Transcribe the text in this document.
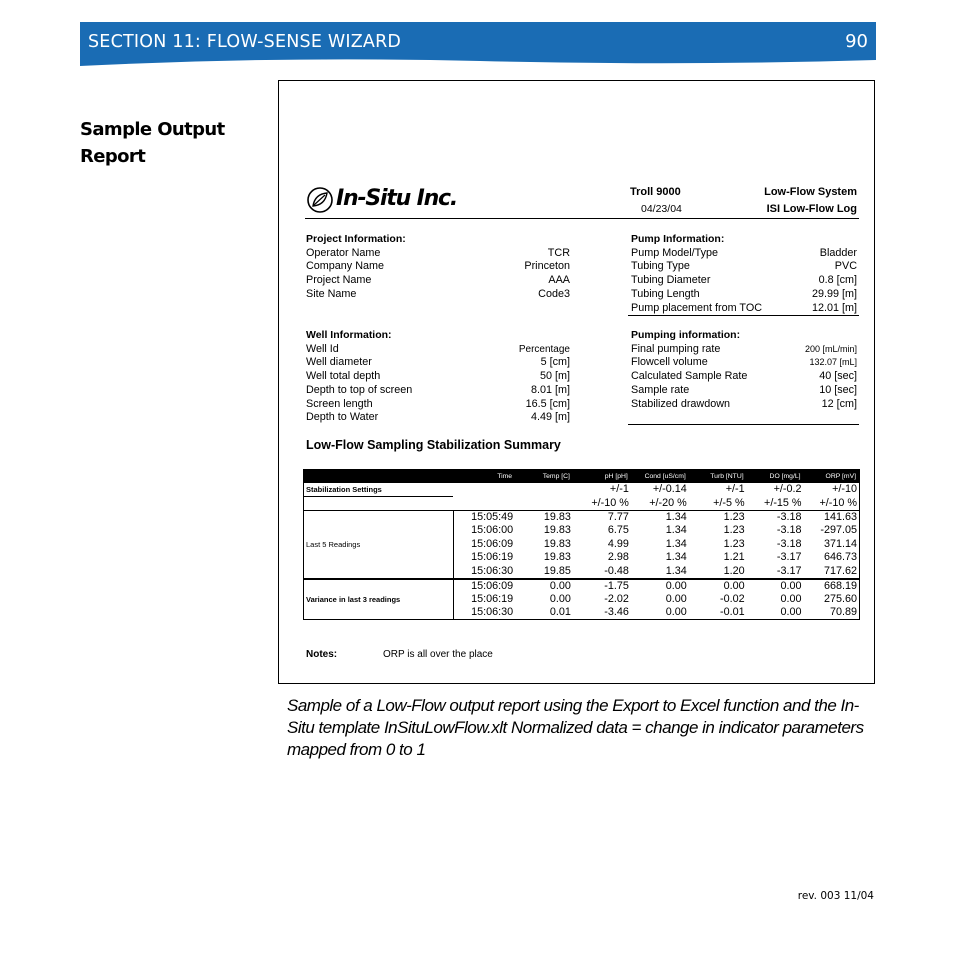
SECTION 11: FLOW-SENSE WIZARD	90
Sample Output
Report
In-Situ Inc.	Troll 9000
04/23/04
Low-Flow System
ISI Low-Flow Log
Project Information:
Operator Name	TCR
Company Name	Princeton
Project Name	AAA
Site Name	Code3
Pump Information:
Pump Model/Type	Bladder
Tubing Type	PVC
Tubing Diameter	0.8 [cm]
Tubing Length	29.99 [m]
Pump placement from TOC	12.01 [m]
Well Information:
Well Id	Percentage
Well diameter	5 [cm]
Well total depth	50 [m]
Depth to top of screen	8.01 [m]
Screen length	16.5 [cm]
Depth to Water	4.49 [m]
Pumping information:
Final pumping rate	200 [mL/min]
Flowcell volume	132.07 [mL]
Calculated Sample Rate	40 [sec]
Sample rate	10 [sec]
Stabilized drawdown	12 [cm]
Low-Flow Sampling Stabilization Summary
	Time	Temp [C]	pH [pH]	Cond [uS/cm]	Turb [NTU]	DO [mg/L]	ORP [mV]
Stabilization Settings			+/-1	+/-0.14	+/-1	+/-0.2	+/-10
			+/-10 %	+/-20 %	+/-5 %	+/-15 %	+/-10 %
Last 5 Readings	15:05:49	19.83	7.77	1.34	1.23	-3.18	141.63
	15:06:00	19.83	6.75	1.34	1.23	-3.18	-297.05
	15:06:09	19.83	4.99	1.34	1.23	-3.18	371.14
	15:06:19	19.83	2.98	1.34	1.21	-3.17	646.73
	15:06:30	19.85	-0.48	1.34	1.20	-3.17	717.62
Variance in last 3 readings	15:06:09	0.00	-1.75	0.00	0.00	0.00	668.19
	15:06:19	0.00	-2.02	0.00	-0.02	0.00	275.60
	15:06:30	0.01	-3.46	0.00	-0.01	0.00	70.89
Notes:	ORP is all over the place
Sample of a Low-Flow output report using the Export to Excel function and the In-Situ template InSituLowFlow.xlt Normalized data = change in indicator parameters mapped from 0 to 1
rev. 003 11/04
